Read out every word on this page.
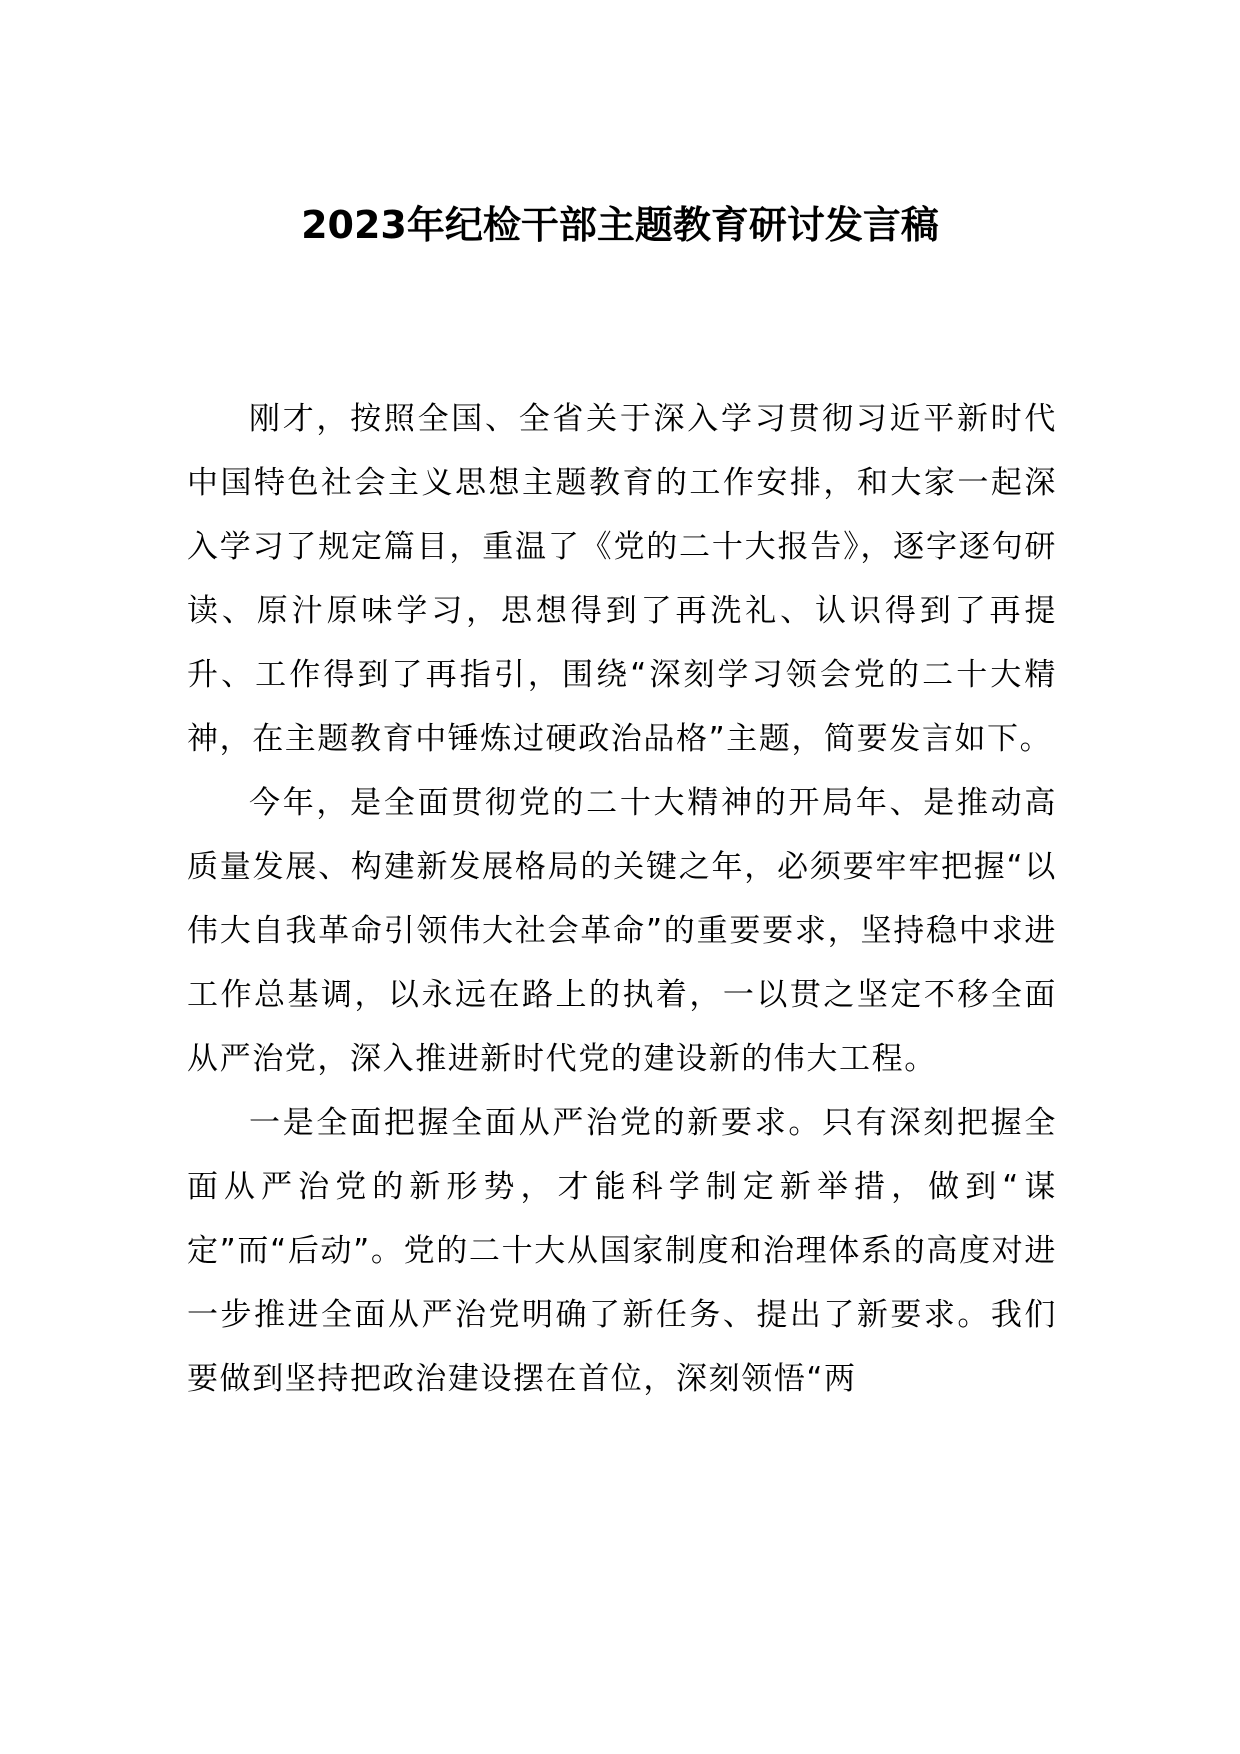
2023年纪检干部主题教育研讨发言稿

刚才，按照全国、全省关于深入学习贯彻习近平新时代中国特色社会主义思想主题教育的工作安排，和大家一起深入学习了规定篇目，重温了《党的二十大报告》，逐字逐句研读、原汁原味学习，思想得到了再洗礼、认识得到了再提升、工作得到了再指引，围绕“深刻学习领会党的二十大精神，在主题教育中锤炼过硬政治品格”主题，简要发言如下。

今年，是全面贯彻党的二十大精神的开局年、是推动高质量发展、构建新发展格局的关键之年，必须要牢牢把握“以伟大自我革命引领伟大社会革命”的重要要求，坚持稳中求进工作总基调，以永远在路上的执着，一以贯之坚定不移全面从严治党，深入推进新时代党的建设新的伟大工程。

一是全面把握全面从严治党的新要求。只有深刻把握全面从严治党的新形势，才能科学制定新举措，做到“谋定”而“后动”。党的二十大从国家制度和治理体系的高度对进一步推进全面从严治党明确了新任务、提出了新要求。我们要做到坚持把政治建设摆在首位，深刻领悟“两
